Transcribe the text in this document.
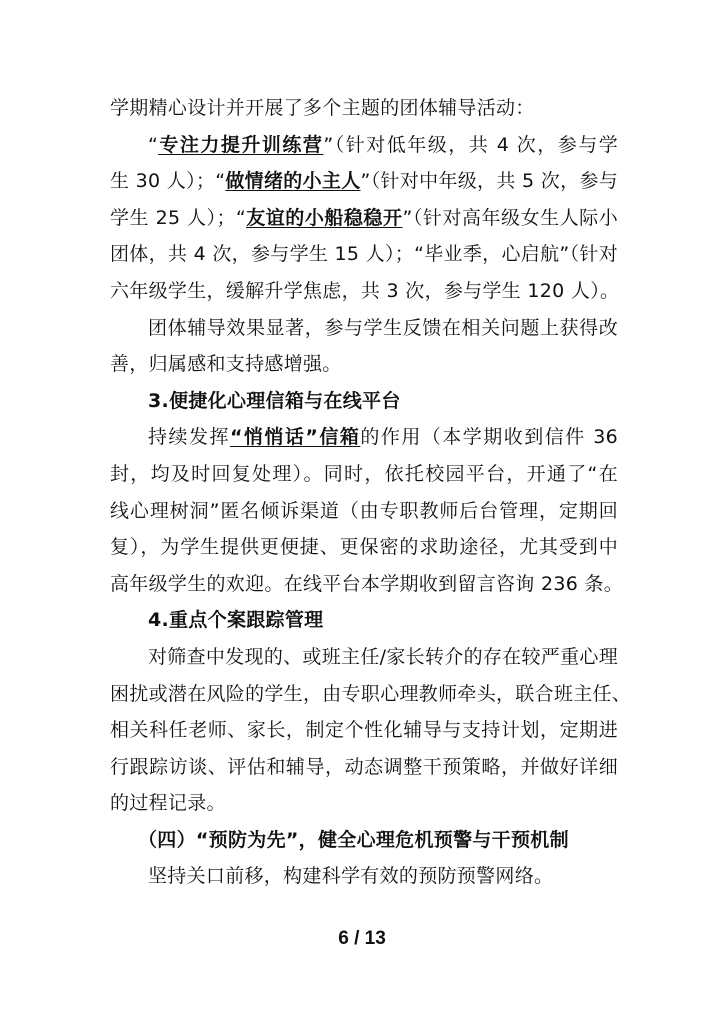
学期精心设计并开展了多个主题的团体辅导活动：
“专注力提升训练营”（针对低年级，共 4 次，参与学
生 30 人）；“做情绪的小主人”（针对中年级，共 5 次，参与
学生 25 人）；“友谊的小船稳稳开”（针对高年级女生人际小
团体，共 4 次，参与学生 15 人）；“毕业季，心启航”（针对
六年级学生，缓解升学焦虑，共 3 次，参与学生 120 人）。
团体辅导效果显著，参与学生反馈在相关问题上获得改
善，归属感和支持感增强。
3.便捷化心理信箱与在线平台
持续发挥“悄悄话”信箱的作用（本学期收到信件 36
封，均及时回复处理）。同时，依托校园平台，开通了“在
线心理树洞”匿名倾诉渠道（由专职教师后台管理，定期回
复），为学生提供更便捷、更保密的求助途径，尤其受到中
高年级学生的欢迎。在线平台本学期收到留言咨询 236 条。
4.重点个案跟踪管理
对筛查中发现的、或班主任/家长转介的存在较严重心理
困扰或潜在风险的学生，由专职心理教师牵头，联合班主任、
相关科任老师、家长，制定个性化辅导与支持计划，定期进
行跟踪访谈、评估和辅导，动态调整干预策略，并做好详细
的过程记录。
（四）“预防为先”，健全心理危机预警与干预机制
坚持关口前移，构建科学有效的预防预警网络。
6 / 13
